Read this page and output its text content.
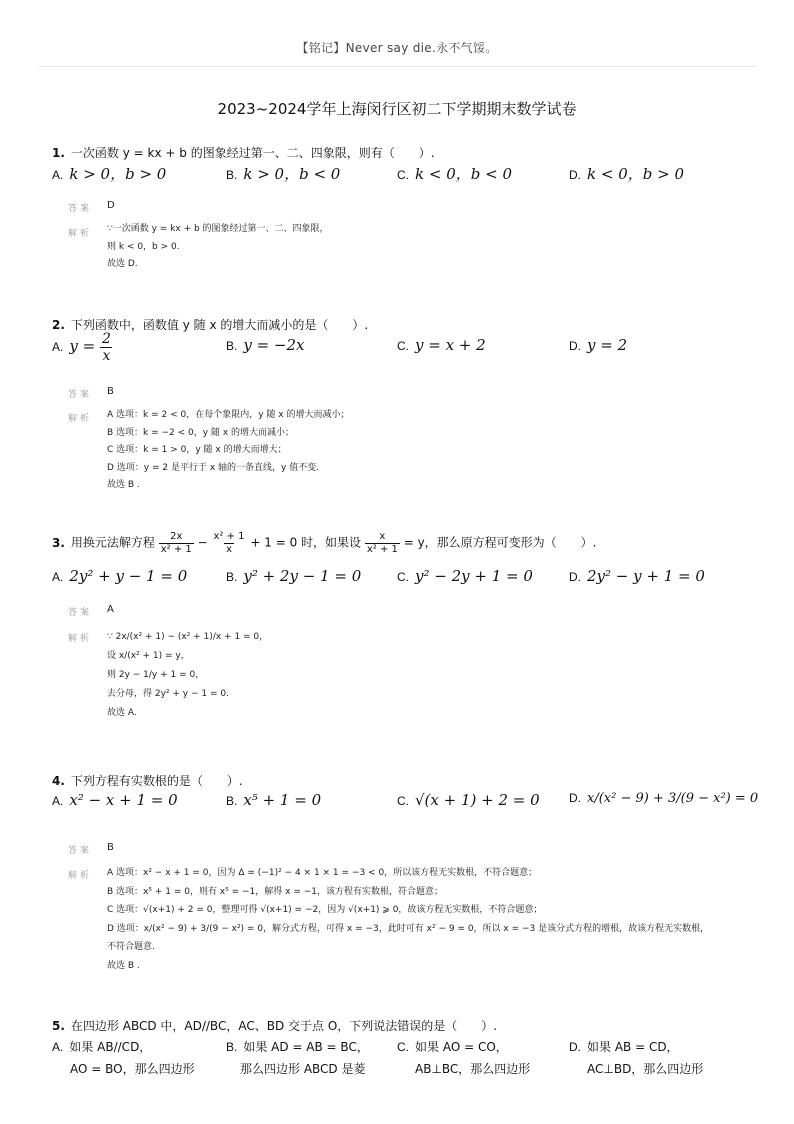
【铭记】Never say die.永不气馁。
2023~2024学年上海闵行区初二下学期期末数学试卷
1. 一次函数 y = kx + b 的图象经过第一、二、四象限，则有（　　）.
A. k > 0，b > 0	B. k > 0，b < 0	C. k < 0，b < 0	D. k < 0，b > 0
答案 D
解析 ∵一次函数 y = kx + b 的图象经过第一、二、四象限，
则 k < 0，b > 0.
故选 D.
2. 下列函数中，函数值 y 随 x 的增大而减小的是（　　）.
A. $y = \frac{2}{x}$	B. y = −2x	C. y = x + 2	D. y = 2
答案 B
解析 A 选项：k = 2 < 0，在每个象限内，y 随 x 的增大而减小；
B 选项：k = −2 < 0，y 随 x 的增大而减小；
C 选项：k = 1 > 0，y 随 x 的增大而增大；
D 选项：y = 2 是平行于 x 轴的一条直线，y 值不变.
故选 B .
3. 用换元法解方程 $\frac{2x}{\text{x² + 1}} - \frac{\text{x² + 1}}{x} + 1 = 0$ 时，如果设 $\frac{x}{\text{x² + 1}} = y$，那么原方程可变形为（　　）.
A. 2y² + y − 1 = 0	B. y² + 2y − 1 = 0	C. y² − 2y + 1 = 0	D. 2y² − y + 1 = 0
答案 A
解析 ∵ 2x/(x² + 1) − (x² + 1)/x + 1 = 0，
设 x/(x² + 1) = y，
则 2y − 1/y + 1 = 0，
去分母，得 2y² + y − 1 = 0.
故选 A.
4. 下列方程有实数根的是（　　）.
A. x² − x + 1 = 0	B. x⁵ + 1 = 0	C. √(x + 1) + 2 = 0 D. x/(x² − 9) + 3/(9 − x²) = 0
答案 B
解析 A 选项：x² − x + 1 = 0，因为 Δ = (−1)² − 4 × 1 × 1 = −3 < 0，所以该方程无实数根，不符合题意；
B 选项：x⁵ + 1 = 0，则有 x⁵ = −1，解得 x = −1，该方程有实数根，符合题意；
C 选项：√(x+1) + 2 = 0，整理可得 √(x+1) = −2，因为 √(x+1) ⩾ 0，故该方程无实数根，不符合题意；
D 选项：x/(x² − 9) + 3/(9 − x²) = 0，解分式方程，可得 x = −3，此时可有 x² − 9 = 0，所以 x = −3 是该分式方程的增根，故该方程无实数根，不符合题意.
故选 B .
5. 在四边形 ABCD 中，AD//BC，AC、BD 交于点 O，下列说法错误的是（　　）.
A. 如果 AB//CD，
AO = BO，那么四边形
B. 如果 AD = AB = BC，
那么四边形 ABCD 是菱
C. 如果 AO = CO，
AB⊥BC，那么四边形
D. 如果 AB = CD，
AC⊥BD，那么四边形
